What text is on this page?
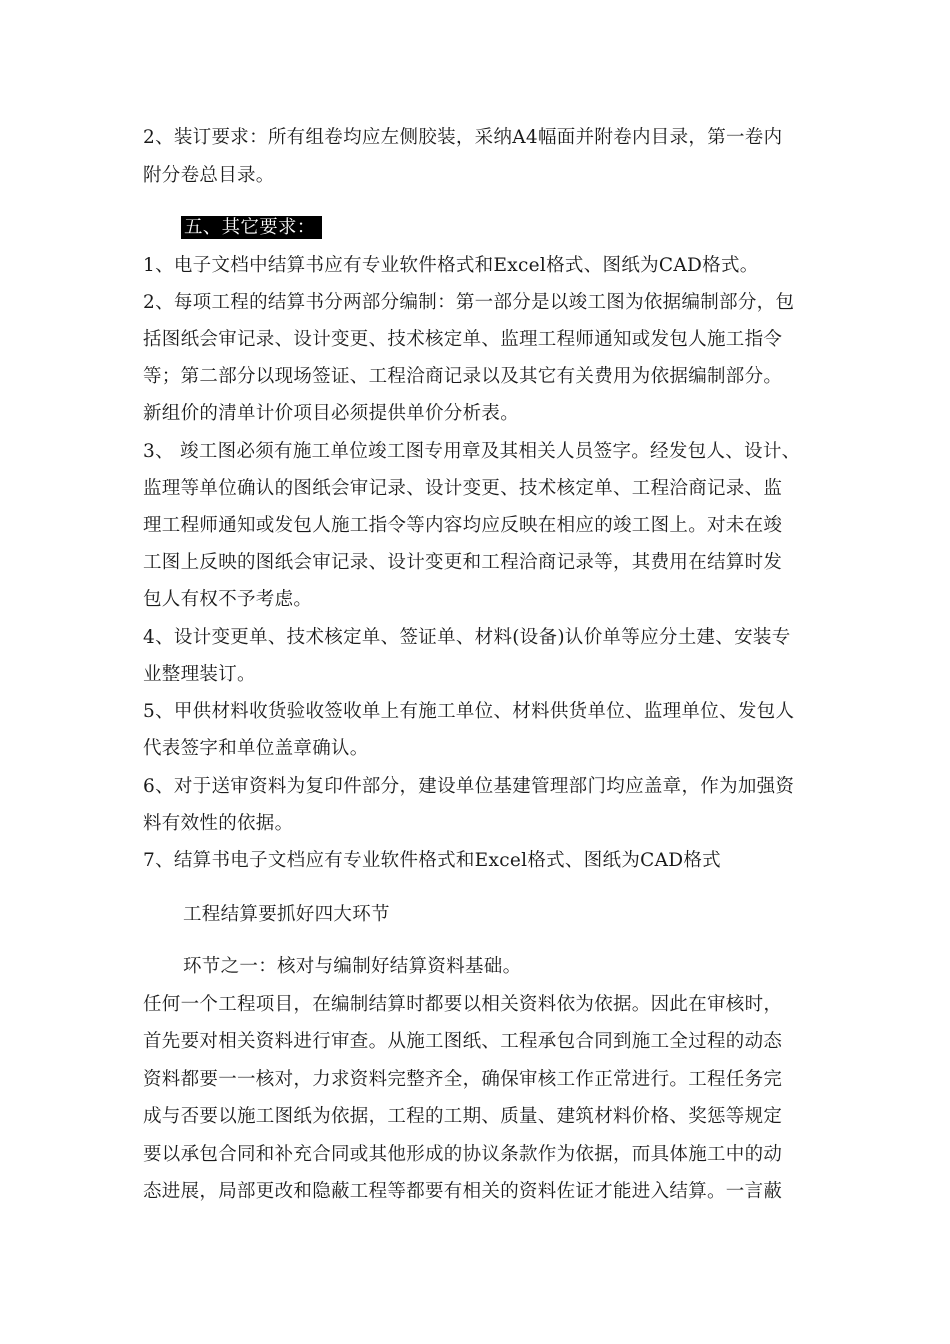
2、装订要求：所有组卷均应左侧胶装，采纳A4幅面并附卷内目录，第一卷内
附分卷总目录。
五、其它要求：
1、电子文档中结算书应有专业软件格式和Excel格式、图纸为CAD格式。
2、每项工程的结算书分两部分编制：第一部分是以竣工图为依据编制部分，包
括图纸会审记录、设计变更、技术核定单、监理工程师通知或发包人施工指令
等；第二部分以现场签证、工程洽商记录以及其它有关费用为依据编制部分。
新组价的清单计价项目必须提供单价分析表。
3、 竣工图必须有施工单位竣工图专用章及其相关人员签字。经发包人、设计、
监理等单位确认的图纸会审记录、设计变更、技术核定单、工程洽商记录、监
理工程师通知或发包人施工指令等内容均应反映在相应的竣工图上。对未在竣
工图上反映的图纸会审记录、设计变更和工程洽商记录等，其费用在结算时发
包人有权不予考虑。
4、设计变更单、技术核定单、签证单、材料(设备)认价单等应分土建、安装专
业整理装订。
5、甲供材料收货验收签收单上有施工单位、材料供货单位、监理单位、发包人
代表签字和单位盖章确认。
6、对于送审资料为复印件部分，建设单位基建管理部门均应盖章，作为加强资
料有效性的依据。
7、结算书电子文档应有专业软件格式和Excel格式、图纸为CAD格式
工程结算要抓好四大环节
环节之一：核对与编制好结算资料基础。
任何一个工程项目，在编制结算时都要以相关资料依为依据。因此在审核时，
首先要对相关资料进行审查。从施工图纸、工程承包合同到施工全过程的动态
资料都要一一核对，力求资料完整齐全，确保审核工作正常进行。工程任务完
成与否要以施工图纸为依据，工程的工期、质量、建筑材料价格、奖惩等规定
要以承包合同和补充合同或其他形成的协议条款作为依据，而具体施工中的动
态进展，局部更改和隐蔽工程等都要有相关的资料佐证才能进入结算。一言蔽
